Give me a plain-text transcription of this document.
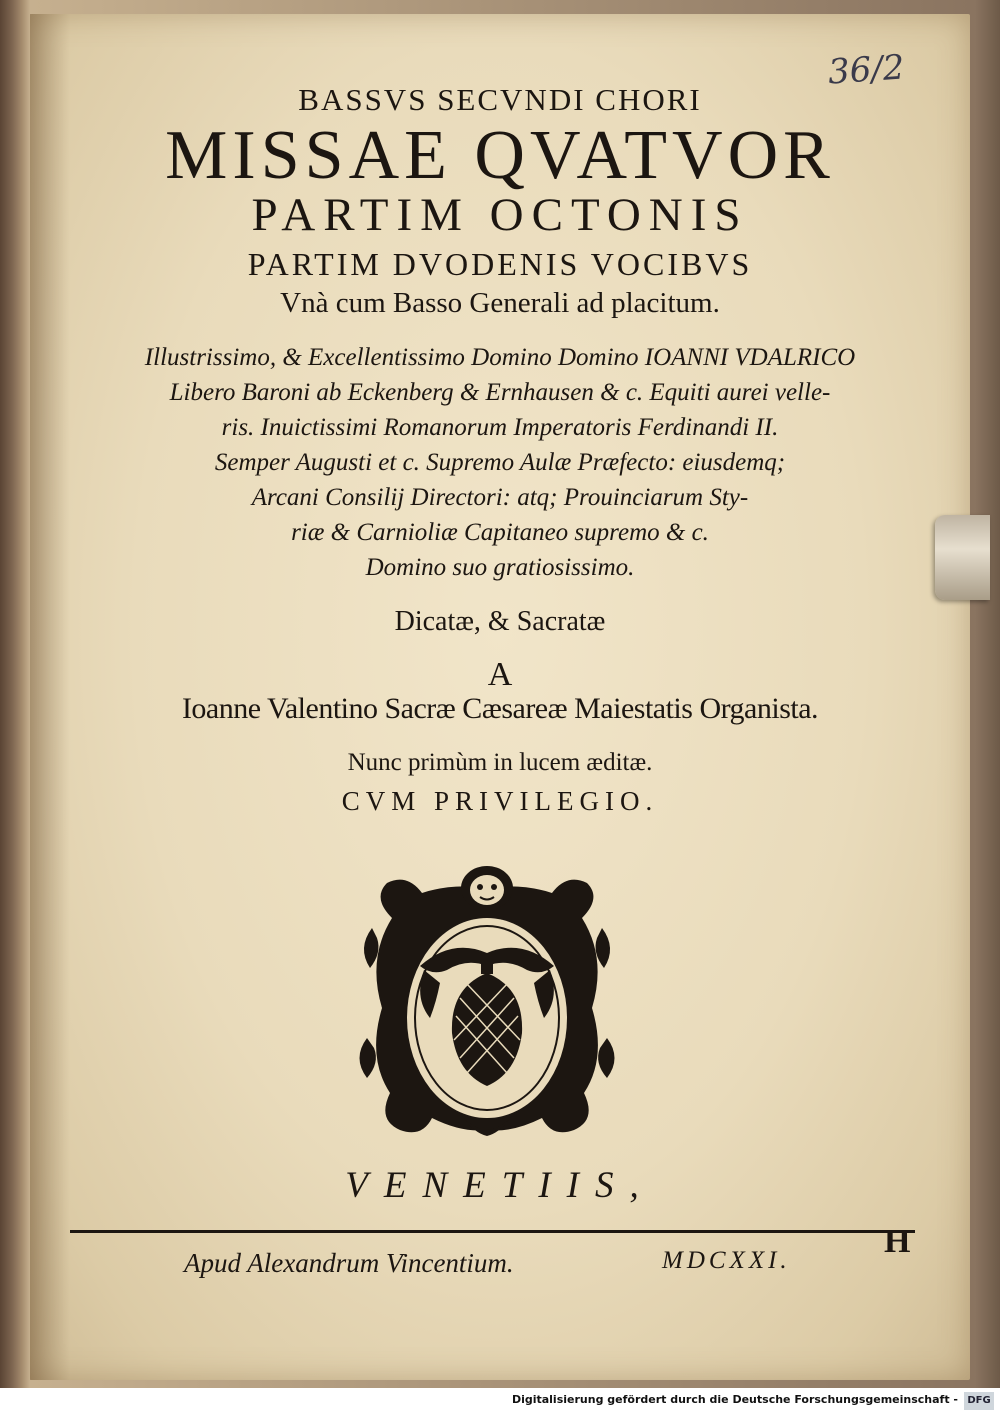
36/2
BASSVS SECVNDI CHORI
MISSAE QVATVOR
PARTIM OCTONIS
PARTIM DVODENIS VOCIBVS
Vnà cum Basso Generali ad placitum.
Illustrissimo, & Excellentissimo Domino Domino IOANNI VDALRICO
Libero Baroni ab Eckenberg & Ernhausen & c. Equiti aurei velle-
ris. Inuictissimi Romanorum Imperatoris Ferdinandi II.
Semper Augusti et c. Supremo Aulæ Præfecto: eiusdemq;
Arcani Consilij Directori: atq; Prouinciarum Sty-
riæ & Carnioliæ Capitaneo supremo & c.
Domino suo gratiosissimo.
Dicatæ, & Sacratæ
A
Ioanne Valentino Sacræ Cæsareæ Maiestatis Organista.
Nunc primùm in lucem æditæ.
CVM PRIVILEGIO.
VENETIIS,
Apud Alexandrum Vincentium.	MDCXXI.
H
Digitalisierung gefördert durch die Deutsche Forschungsgemeinschaft - DFG
